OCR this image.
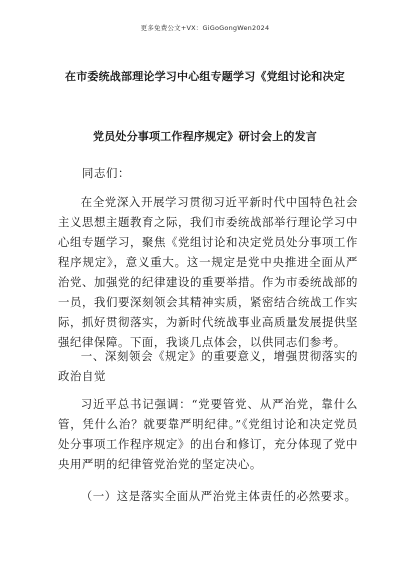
更多免费公文+VX：GiGoGongWen2024
在市委统战部理论学习中心组专题学习《党组讨论和决定
党员处分事项工作程序规定》研讨会上的发言
同志们：

在全党深入开展学习贯彻习近平新时代中国特色社会主义思想主题教育之际，我们市委统战部举行理论学习中心组专题学习，聚焦《党组讨论和决定党员处分事项工作程序规定》，意义重大。这一规定是党中央推进全面从严治党、加强党的纪律建设的重要举措。作为市委统战部的一员，我们要深刻领会其精神实质，紧密结合统战工作实际，抓好贯彻落实，为新时代统战事业高质量发展提供坚强纪律保障。下面，我谈几点体会，以供同志们参考。

一、深刻领会《规定》的重要意义，增强贯彻落实的政治自觉

习近平总书记强调：“党要管党、从严治党，靠什么管，凭什么治？就要靠严明纪律。”《党组讨论和决定党员处分事项工作程序规定》的出台和修订，充分体现了党中央用严明的纪律管党治党的坚定决心。

（一）这是落实全面从严治党主体责任的必然要求。
